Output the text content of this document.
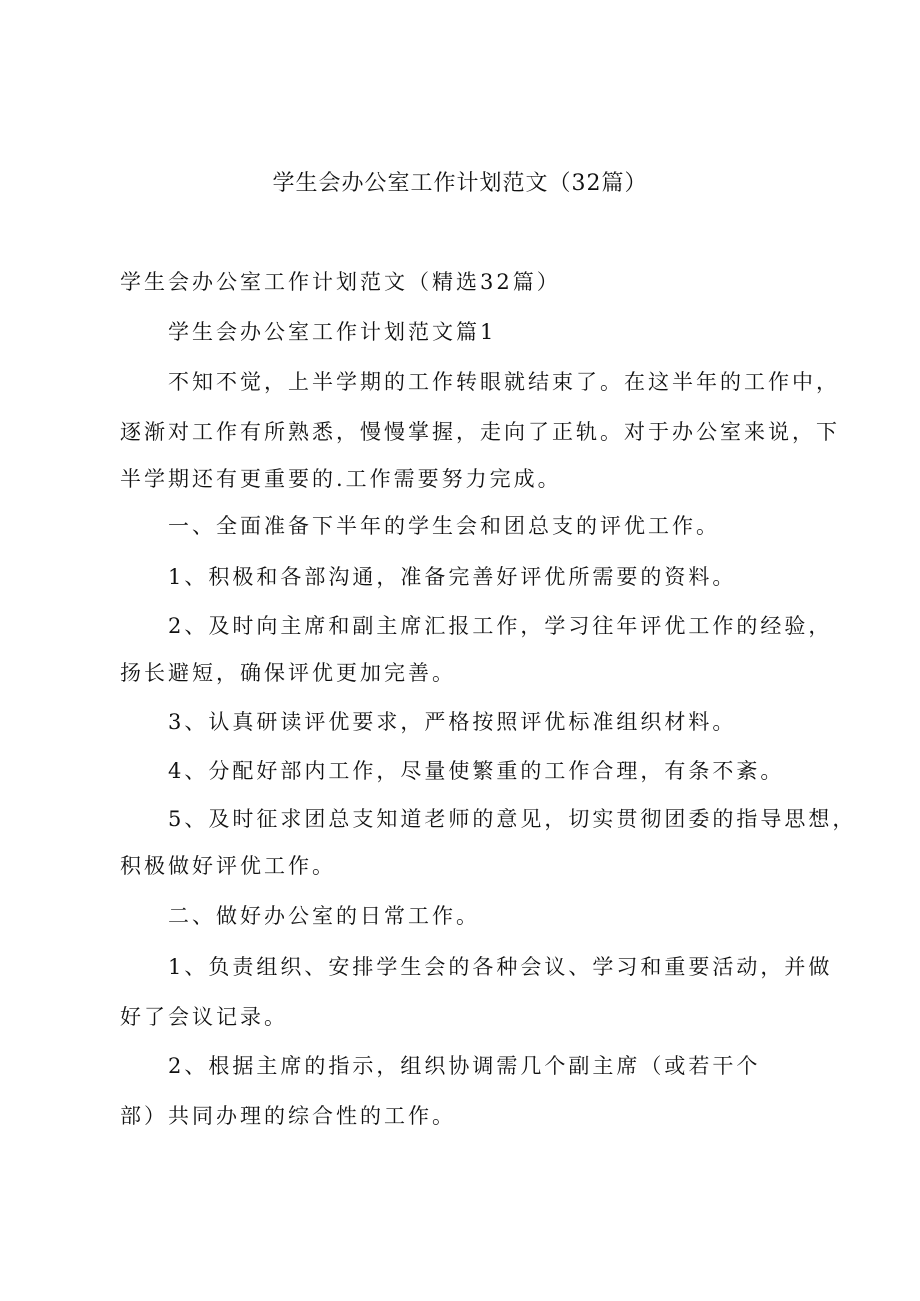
学生会办公室工作计划范文（32篇）
学生会办公室工作计划范文（精选32篇）
学生会办公室工作计划范文篇1
不知不觉，上半学期的工作转眼就结束了。在这半年的工作中，
逐渐对工作有所熟悉，慢慢掌握，走向了正轨。对于办公室来说，下
半学期还有更重要的.工作需要努力完成。
一、全面准备下半年的学生会和团总支的评优工作。
1、积极和各部沟通，准备完善好评优所需要的资料。
2、及时向主席和副主席汇报工作，学习往年评优工作的经验，
扬长避短，确保评优更加完善。
3、认真研读评优要求，严格按照评优标准组织材料。
4、分配好部内工作，尽量使繁重的工作合理，有条不紊。
5、及时征求团总支知道老师的意见，切实贯彻团委的指导思想，
积极做好评优工作。
二、做好办公室的日常工作。
1、负责组织、安排学生会的各种会议、学习和重要活动，并做
好了会议记录。
2、根据主席的指示，组织协调需几个副主席（或若干个
部）共同办理的综合性的工作。
